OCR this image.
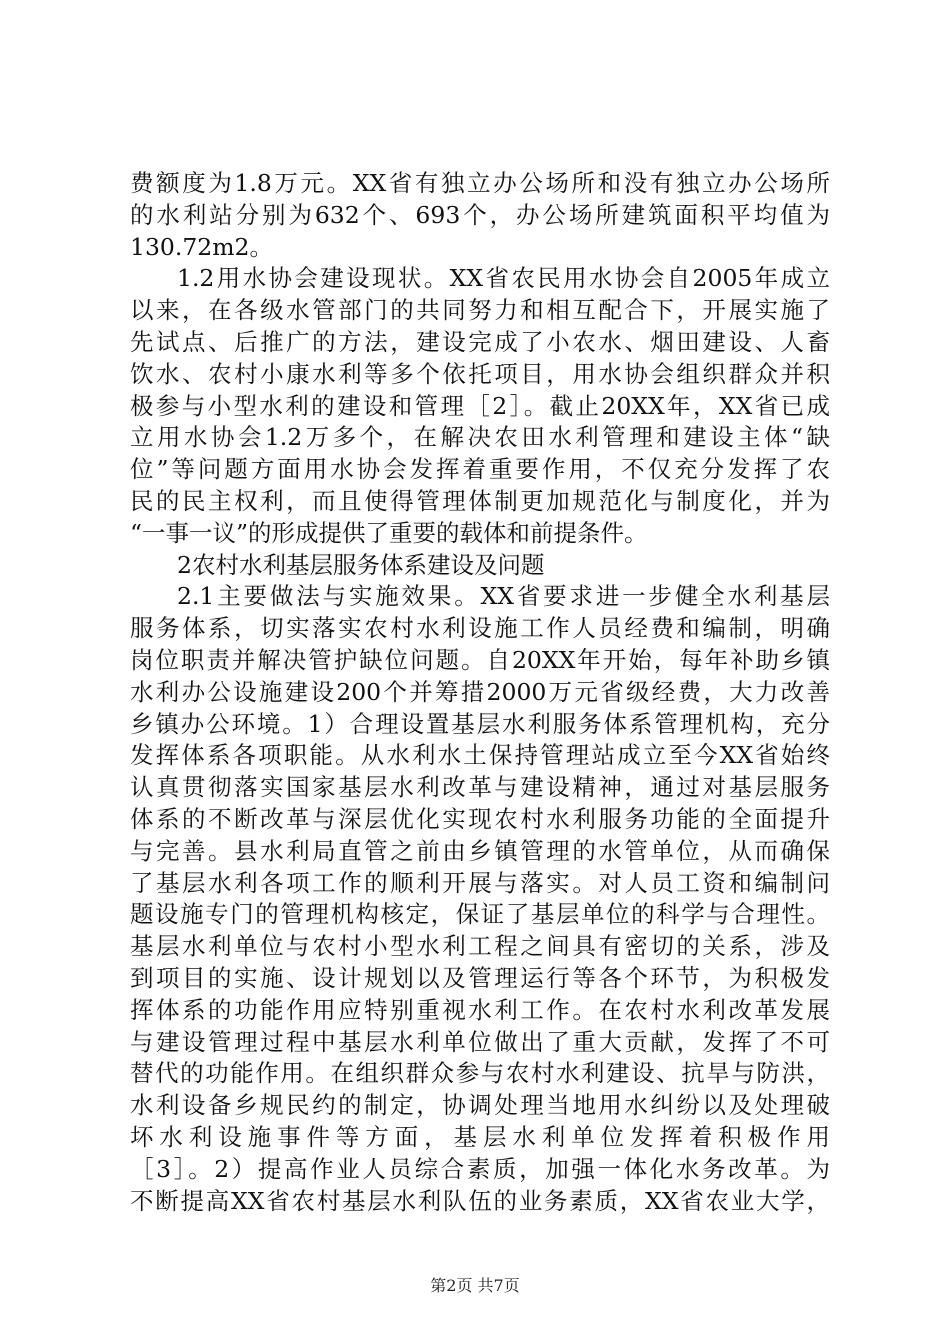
费额度为1.8万元。XX省有独立办公场所和没有独立办公场所
的水利站分别为632个、693个，办公场所建筑面积平均值为
130.72m2。
1.2用水协会建设现状。XX省农民用水协会自2005年成立
以来，在各级水管部门的共同努力和相互配合下，开展实施了
先试点、后推广的方法，建设完成了小农水、烟田建设、人畜
饮水、农村小康水利等多个依托项目，用水协会组织群众并积
极参与小型水利的建设和管理［2］。截止20XX年，XX省已成
立用水协会1.2万多个，在解决农田水利管理和建设主体“缺
位”等问题方面用水协会发挥着重要作用，不仅充分发挥了农
民的民主权利，而且使得管理体制更加规范化与制度化，并为
“一事一议”的形成提供了重要的载体和前提条件。
2农村水利基层服务体系建设及问题
2.1主要做法与实施效果。XX省要求进一步健全水利基层
服务体系，切实落实农村水利设施工作人员经费和编制，明确
岗位职责并解决管护缺位问题。自20XX年开始，每年补助乡镇
水利办公设施建设200个并筹措2000万元省级经费，大力改善
乡镇办公环境。1）合理设置基层水利服务体系管理机构，充分
发挥体系各项职能。从水利水土保持管理站成立至今XX省始终
认真贯彻落实国家基层水利改革与建设精神，通过对基层服务
体系的不断改革与深层优化实现农村水利服务功能的全面提升
与完善。县水利局直管之前由乡镇管理的水管单位，从而确保
了基层水利各项工作的顺利开展与落实。对人员工资和编制问
题设施专门的管理机构核定，保证了基层单位的科学与合理性。
基层水利单位与农村小型水利工程之间具有密切的关系，涉及
到项目的实施、设计规划以及管理运行等各个环节，为积极发
挥体系的功能作用应特别重视水利工作。在农村水利改革发展
与建设管理过程中基层水利单位做出了重大贡献，发挥了不可
替代的功能作用。在组织群众参与农村水利建设、抗旱与防洪，
水利设备乡规民约的制定，协调处理当地用水纠纷以及处理破
坏水利设施事件等方面，基层水利单位发挥着积极作用
［3］。2）提高作业人员综合素质，加强一体化水务改革。为
不断提高XX省农村基层水利队伍的业务素质，XX省农业大学，
第2页 共7页
